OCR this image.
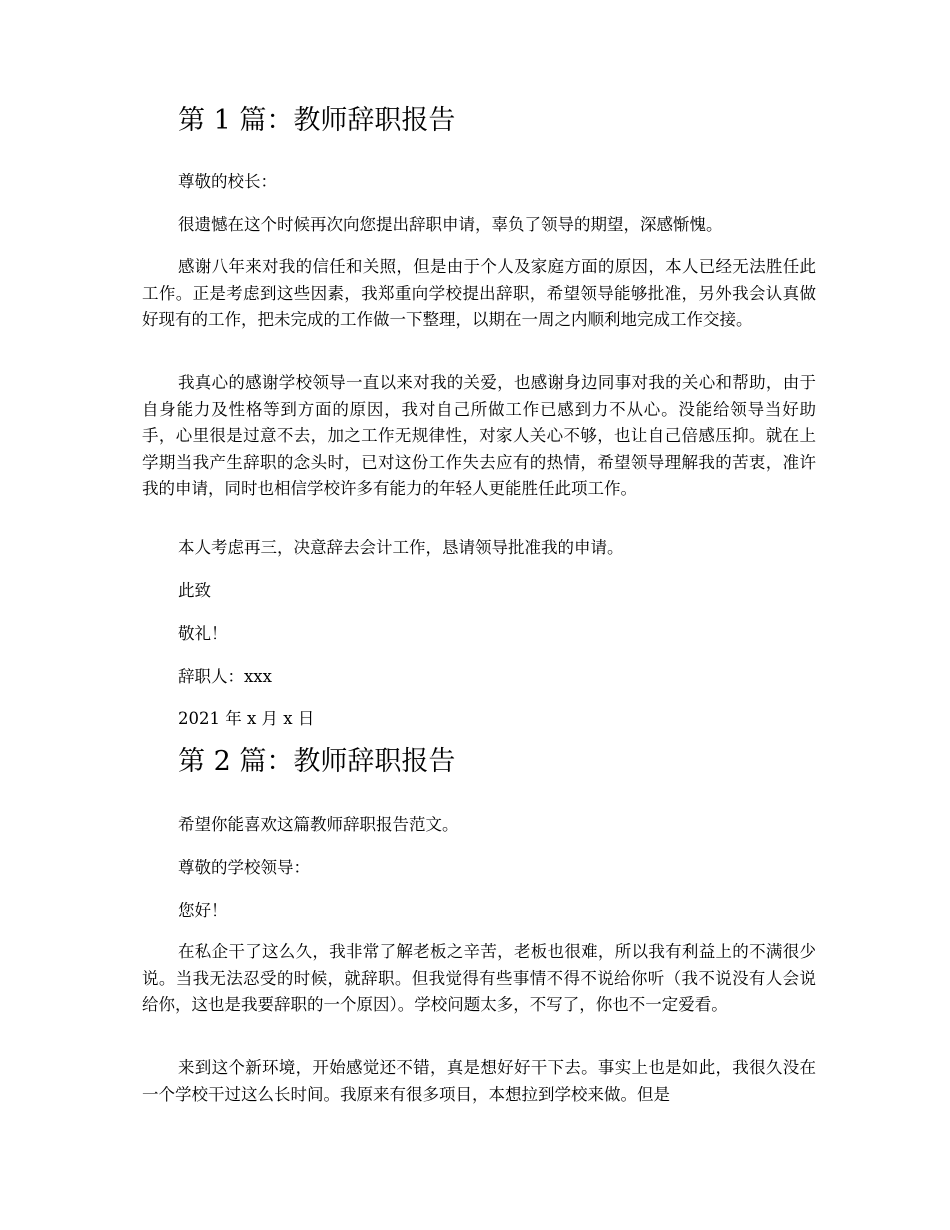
第 1 篇：教师辞职报告
尊敬的校长：
很遗憾在这个时候再次向您提出辞职申请，辜负了领导的期望，深感惭愧。

感谢八年来对我的信任和关照，但是由于个人及家庭方面的原因，本人已经无法胜任此工作。正是考虑到这些因素，我郑重向学校提出辞职，希望领导能够批准，另外我会认真做好现有的工作，把未完成的工作做一下整理，以期在一周之内顺利地完成工作交接。

我真心的感谢学校领导一直以来对我的关爱，也感谢身边同事对我的关心和帮助，由于自身能力及性格等到方面的原因，我对自己所做工作已感到力不从心。没能给领导当好助手，心里很是过意不去，加之工作无规律性，对家人关心不够，也让自己倍感压抑。就在上学期当我产生辞职的念头时，已对这份工作失去应有的热情，希望领导理解我的苦衷，准许我的申请，同时也相信学校许多有能力的年轻人更能胜任此项工作。

本人考虑再三，决意辞去会计工作，恳请领导批准我的申请。
此致
敬礼！
辞职人：xxx
2021 年 x 月 x 日
第 2 篇：教师辞职报告
希望你能喜欢这篇教师辞职报告范文。
尊敬的学校领导：
您好！

在私企干了这么久，我非常了解老板之辛苦，老板也很难，所以我有利益上的不满很少说。当我无法忍受的时候，就辞职。但我觉得有些事情不得不说给你听（我不说没有人会说给你，这也是我要辞职的一个原因）。学校问题太多，不写了，你也不一定爱看。

来到这个新环境，开始感觉还不错，真是想好好干下去。事实上也是如此，我很久没在一个学校干过这么长时间。我原来有很多项目，本想拉到学校来做。但是
